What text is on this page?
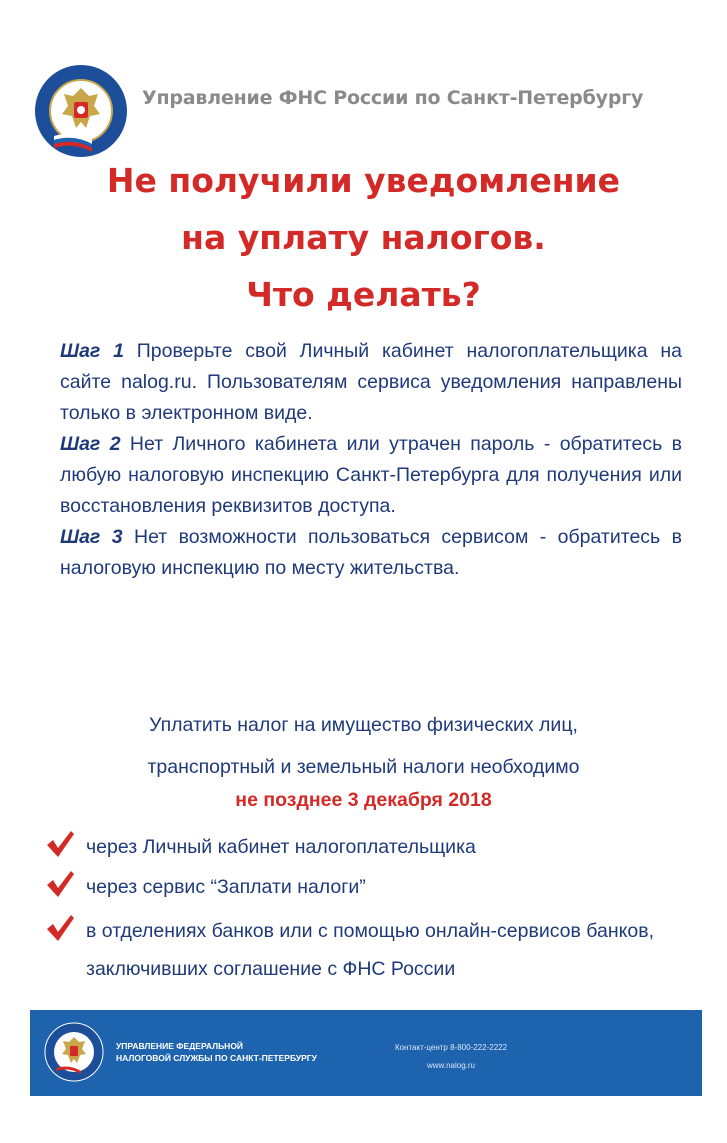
Управление ФНС России по Санкт-Петербургу
Не получили уведомление
на уплату налогов.
Что делать?

Шаг 1 Проверьте свой Личный кабинет налогоплательщика на сайте nalog.ru. Пользователям сервиса уведомления направлены только в электронном виде.

Шаг 2 Нет Личного кабинета или утрачен пароль - обратитесь в любую налоговую инспекцию Санкт-Петербурга для получения или восстановления реквизитов доступа.

Шаг 3 Нет возможности пользоваться сервисом - обратитесь в налоговую инспекцию по месту жительства.

Уплатить налог на имущество физических лиц,
транспортный и земельный налоги необходимо
не позднее 3 декабря 2018
через Личный кабинет налогоплательщика
через сервис “Заплати налоги”
в отделениях банков или с помощью онлайн-сервисов банков, заключивших соглашение с ФНС России
УПРАВЛЕНИЕ ФЕДЕРАЛЬНОЙ
НАЛОГОВОЙ СЛУЖБЫ ПО САНКТ-ПЕТЕРБУРГУ
Контакт-центр 8-800-222-2222
www.nalog.ru
